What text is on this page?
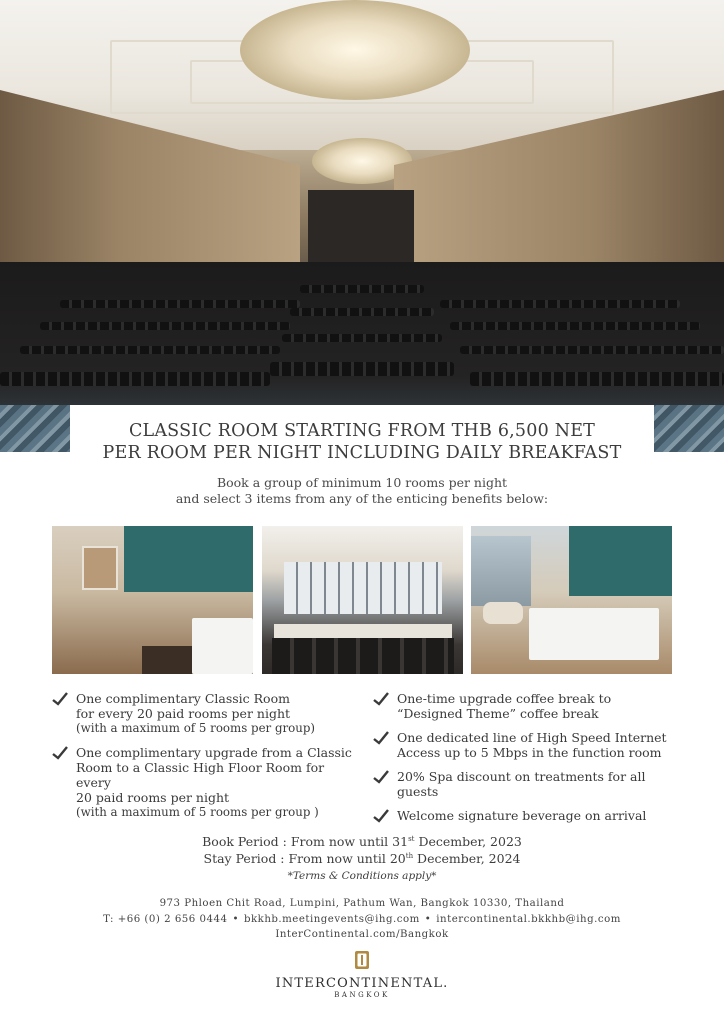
CLASSIC ROOM STARTING FROM THB 6,500 NET
PER ROOM PER NIGHT INCLUDING DAILY BREAKFAST
Book a group of minimum 10 rooms per night
and select 3 items from any of the enticing benefits below:
One complimentary Classic Room
for every 20 paid rooms per night
(with a maximum of 5 rooms per group)
One complimentary upgrade from a Classic
Room to a Classic High Floor Room for every
20 paid rooms per night
(with a maximum of 5 rooms per group )
One-time upgrade coffee break to
“Designed Theme” coffee break
One dedicated line of High Speed Internet
Access up to 5 Mbps in the function room
20% Spa discount on treatments for all guests
Welcome signature beverage on arrival
Book Period : From now until 31st December, 2023
Stay Period : From now until 20th December, 2024
*Terms & Conditions apply*
973 Phloen Chit Road, Lumpini, Pathum Wan, Bangkok 10330, Thailand
T: +66 (0) 2 656 0444 • bkkhb.meetingevents@ihg.com • intercontinental.bkkhb@ihg.com
InterContinental.com/Bangkok
INTERCONTINENTAL.
BANGKOK
